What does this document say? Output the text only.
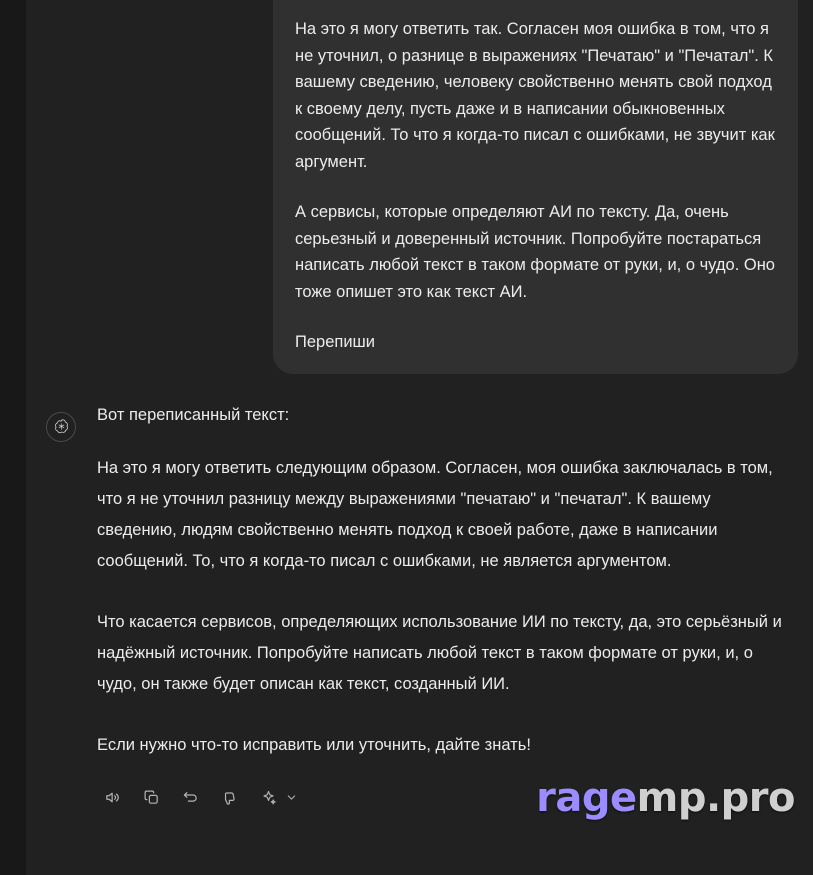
На это я могу ответить так. Согласен моя ошибка в том, что я не уточнил, о разнице в выражениях "Печатаю" и "Печатал". К вашему сведению, человеку свойственно менять свой подход к своему делу, пусть даже и в написании обыкновенных сообщений. То что я когда-то писал с ошибками, не звучит как аргумент.

А сервисы, которые определяют АИ по тексту. Да, очень серьезный и доверенный источник. Попробуйте постараться написать любой текст в таком формате от руки, и, о чудо. Оно тоже опишет это как текст АИ.

Перепиши

Вот переписанный текст:

На это я могу ответить следующим образом. Согласен, моя ошибка заключалась в том, что я не уточнил разницу между выражениями "печатаю" и "печатал". К вашему сведению, людям свойственно менять подход к своей работе, даже в написании сообщений. То, что я когда-то писал с ошибками, не является аргументом.

Что касается сервисов, определяющих использование ИИ по тексту, да, это серьёзный и надёжный источник. Попробуйте написать любой текст в таком формате от руки, и, о чудо, он также будет описан как текст, созданный ИИ.

Если нужно что-то исправить или уточнить, дайте знать!

ragemp.pro
